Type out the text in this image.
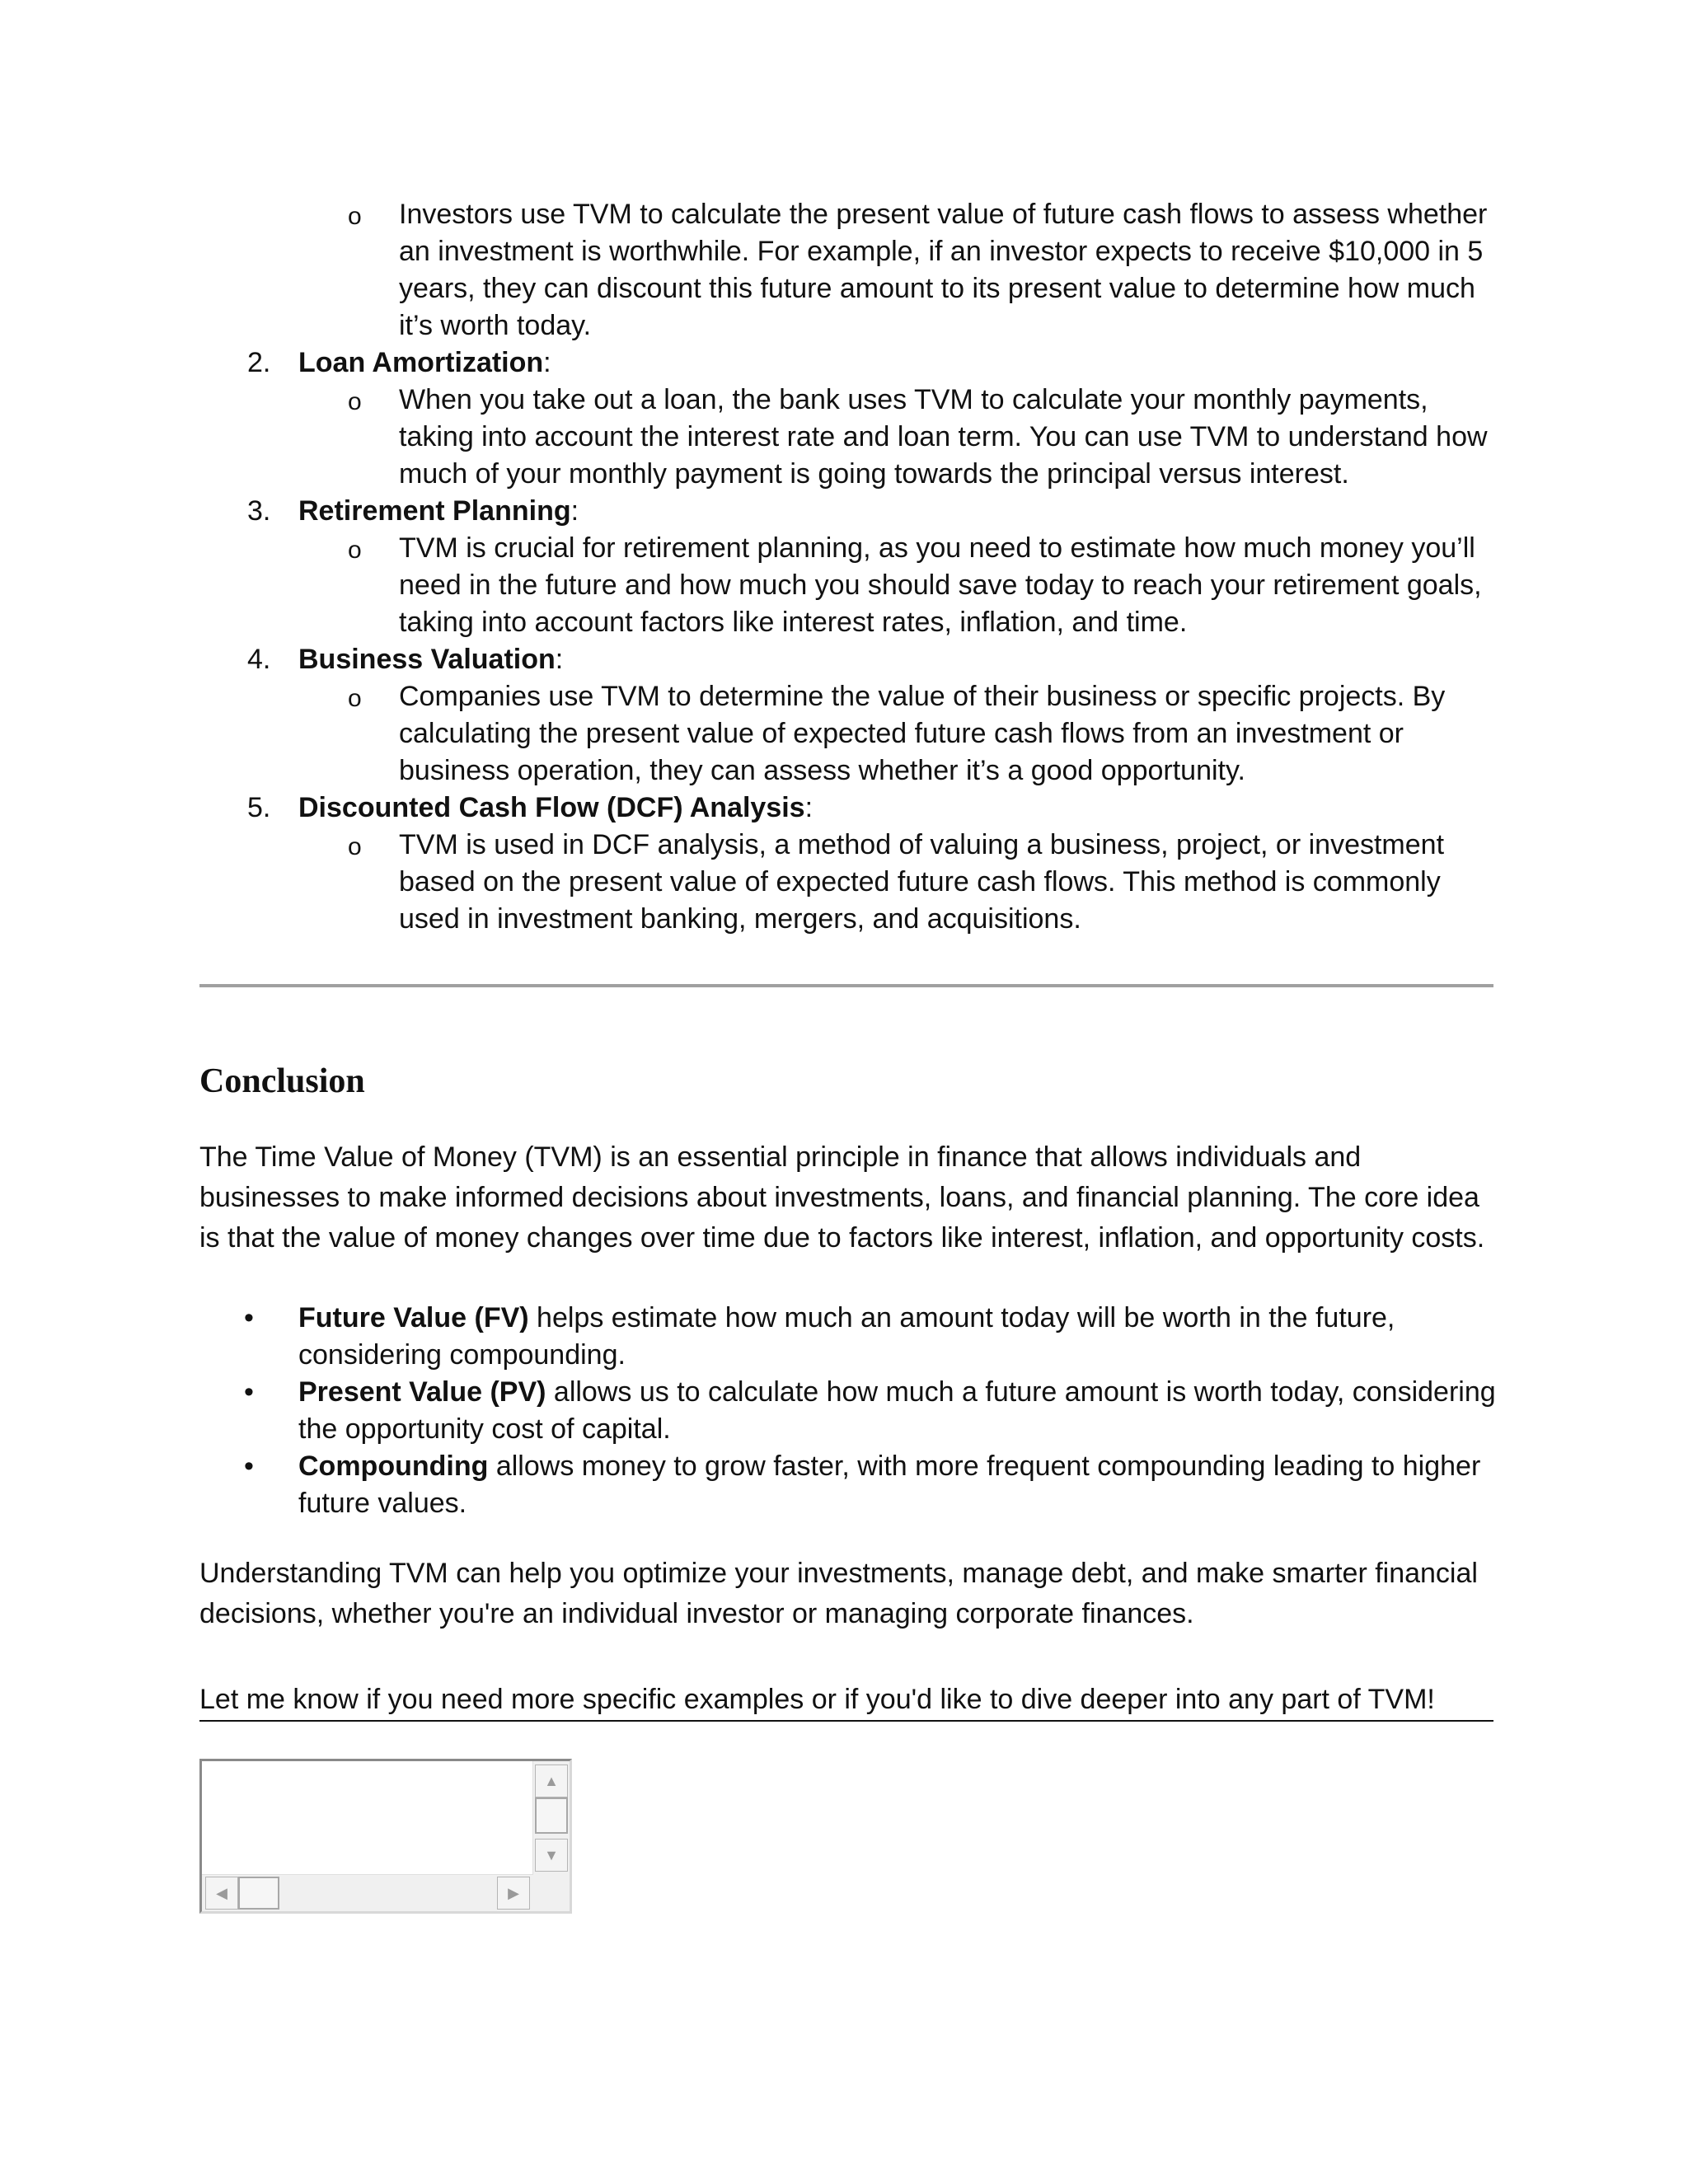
o Investors use TVM to calculate the present value of future cash flows to assess whether an investment is worthwhile. For example, if an investor expects to receive $10,000 in 5 years, they can discount this future amount to its present value to determine how much it’s worth today.
2. Loan Amortization:
o When you take out a loan, the bank uses TVM to calculate your monthly payments, taking into account the interest rate and loan term. You can use TVM to understand how much of your monthly payment is going towards the principal versus interest.
3. Retirement Planning:
o TVM is crucial for retirement planning, as you need to estimate how much money you’ll need in the future and how much you should save today to reach your retirement goals, taking into account factors like interest rates, inflation, and time.
4. Business Valuation:
o Companies use TVM to determine the value of their business or specific projects. By calculating the present value of expected future cash flows from an investment or business operation, they can assess whether it’s a good opportunity.
5. Discounted Cash Flow (DCF) Analysis:
o TVM is used in DCF analysis, a method of valuing a business, project, or investment based on the present value of expected future cash flows. This method is commonly used in investment banking, mergers, and acquisitions.
Conclusion

The Time Value of Money (TVM) is an essential principle in finance that allows individuals and businesses to make informed decisions about investments, loans, and financial planning. The core idea is that the value of money changes over time due to factors like interest, inflation, and opportunity costs.

• Future Value (FV) helps estimate how much an amount today will be worth in the future, considering compounding.
• Present Value (PV) allows us to calculate how much a future amount is worth today, considering the opportunity cost of capital.
• Compounding allows money to grow faster, with more frequent compounding leading to higher future values.

Understanding TVM can help you optimize your investments, manage debt, and make smarter financial decisions, whether you're an individual investor or managing corporate finances.

Let me know if you need more specific examples or if you'd like to dive deeper into any part of TVM!
▲
▼
◀	▶
